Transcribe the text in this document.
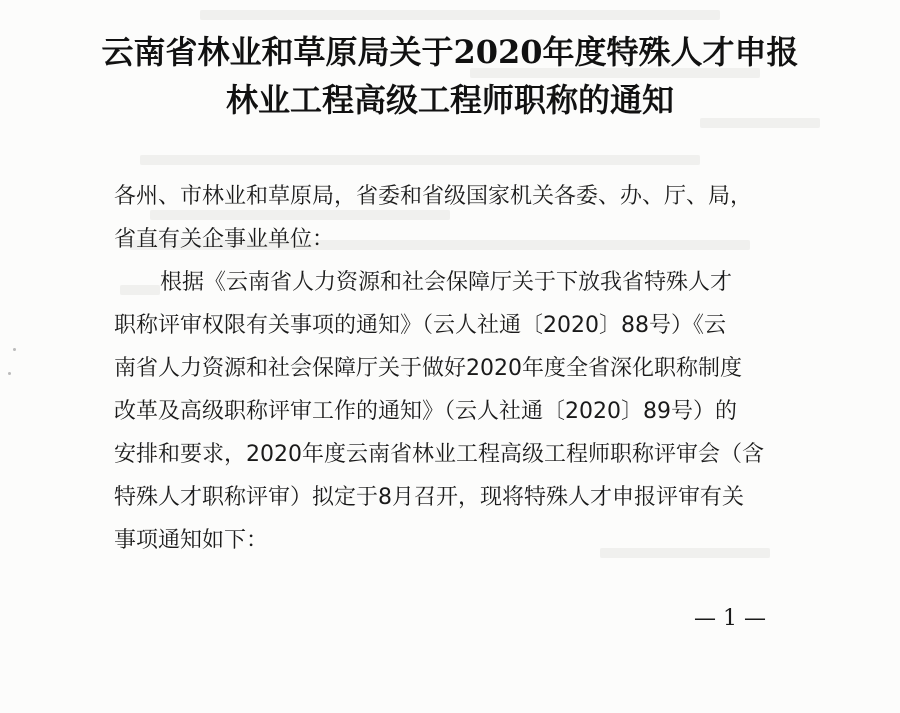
云南省林业和草原局关于2020年度特殊人才申报
林业工程高级工程师职称的通知
各州、市林业和草原局，省委和省级国家机关各委、办、厅、局，
省直有关企事业单位：
根据《云南省人力资源和社会保障厅关于下放我省特殊人才
职称评审权限有关事项的通知》（云人社通〔2020〕88号）《云
南省人力资源和社会保障厅关于做好2020年度全省深化职称制度
改革及高级职称评审工作的通知》（云人社通〔2020〕89号）的
安排和要求，2020年度云南省林业工程高级工程师职称评审会（含
特殊人才职称评审）拟定于8月召开，现将特殊人才申报评审有关
事项通知如下：
— 1 —
